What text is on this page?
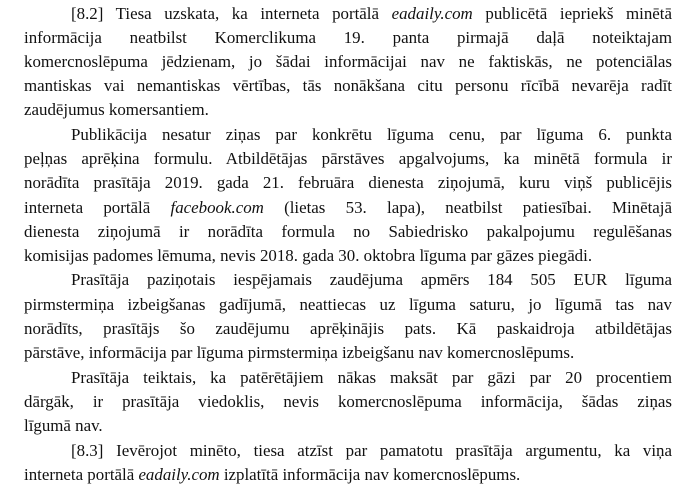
[8.2] Tiesa uzskata, ka interneta portālā eadaily.com publicētā iepriekš minētā
informācija neatbilst Komerclikuma 19. panta pirmajā daļā noteiktajam
komercnoslēpuma jēdzienam, jo šādai informācijai nav ne faktiskās, ne potenciālas
mantiskas vai nemantiskas vērtības, tās nonākšana citu personu rīcībā nevarēja radīt
zaudējumus komersantiem.
Publikācija nesatur ziņas par konkrētu līguma cenu, par līguma 6. punkta
peļņas aprēķina formulu. Atbildētājas pārstāves apgalvojums, ka minētā formula ir
norādīta prasītāja 2019. gada 21. februāra dienesta ziņojumā, kuru viņš publicējis
interneta portālā facebook.com (lietas 53. lapa), neatbilst patiesībai. Minētajā
dienesta ziņojumā ir norādīta formula no Sabiedrisko pakalpojumu regulēšanas
komisijas padomes lēmuma, nevis 2018. gada 30. oktobra līguma par gāzes piegādi.
Prasītāja paziņotais iespējamais zaudējuma apmērs 184 505 EUR līguma
pirmstermiņa izbeigšanas gadījumā, neattiecas uz līguma saturu, jo līgumā tas nav
norādīts, prasītājs šo zaudējumu aprēķinājis pats. Kā paskaidroja atbildētājas
pārstāve, informācija par līguma pirmstermiņa izbeigšanu nav komercnoslēpums.
Prasītāja teiktais, ka patērētājiem nākas maksāt par gāzi par 20 procentiem
dārgāk, ir prasītāja viedoklis, nevis komercnoslēpuma informācija, šādas ziņas
līgumā nav.
[8.3] Ievērojot minēto, tiesa atzīst par pamatotu prasītāja argumentu, ka viņa
interneta portālā eadaily.com izplatītā informācija nav komercnoslēpums.
